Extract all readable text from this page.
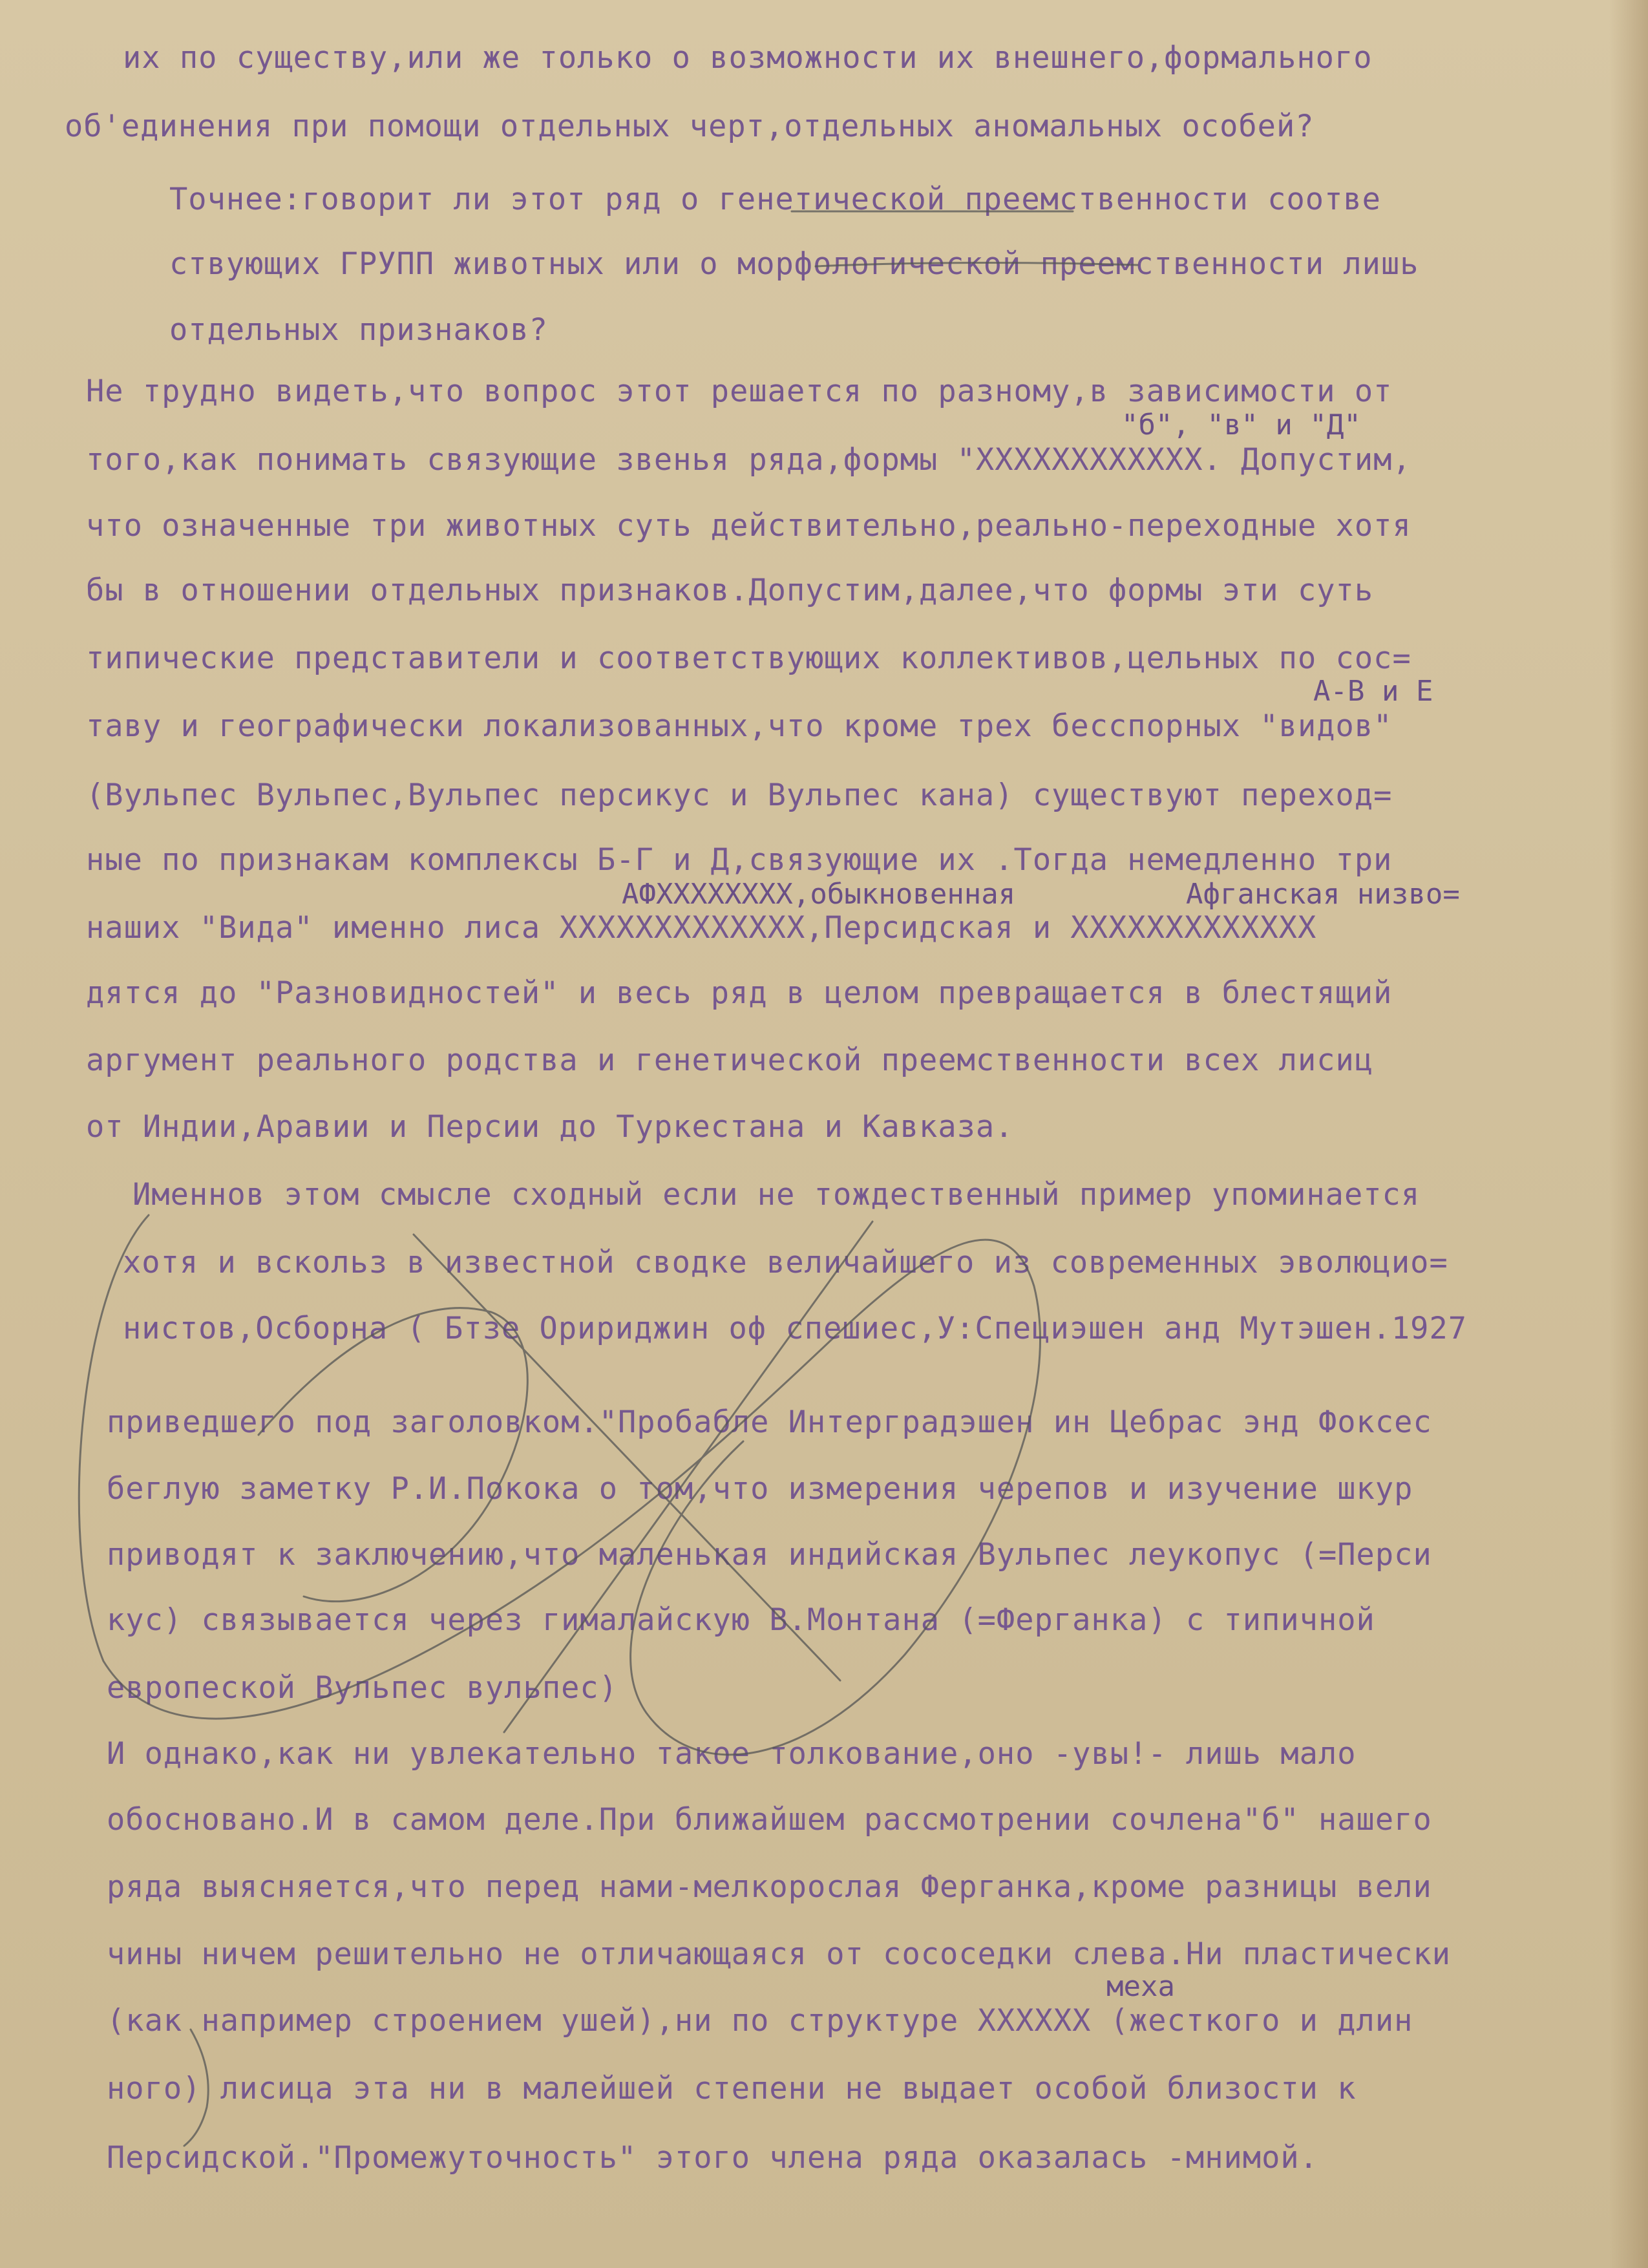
их по существу,или же только о возможности их внешнего,формального
об'единения при помощи отдельных черт,отдельных аномальных особей?
Точнее:говорит ли этот ряд о генетической преемственности соотве
ствующих ГРУПП животных или о морфологической преемственности лишь
отдельных признаков?
Не трудно видеть,что вопрос этот решается по разному,в зависимости от
"б", "в" и "Д"
того,как понимать связующие звенья ряда,формы "ХХХХХХХХХХХХ. Допустим,
что означенные три животных суть действительно,реально-переходные хотя
бы в отношении отдельных признаков.Допустим,далее,что формы эти суть
типические представители и соответствующих коллективов,цельных по сос=
А-В и Е
таву и географически локализованных,что кроме трех бесспорных "видов"
(Вульпес Вульпес,Вульпес персикус и Вульпес кана) существуют переход=
ные по признакам комплексы Б-Г и Д,связующие их .Тогда немедленно три
АФХХХХХХХХ,обыкновенная	Афганская низво=
наших "Вида" именно лиса ХХХХХХХХХХХХХ,Персидская и ХХХХХХХХХХХХХ
дятся до "Разновидностей" и весь ряд в целом превращается в блестящий
аргумент реального родства и генетической преемственности всех лисиц
от Индии,Аравии и Персии до Туркестана и Кавказа.
Именнов этом смысле сходный если не тождественный пример упоминается
хотя и вскольз в известной сводке величайшего из современных эволюцио=
нистов,Осборна ( Бтзе Оририджин оф спешиес,У:Специэшен анд Мутэшен.1927
приведшего под заголовком."Пробабле Интерградэшен ин Цебрас энд Фоксес
беглую заметку Р.И.Покока о том,что измерения черепов и изучение шкур
приводят к заключению,что маленькая индийская Вульпес леукопус (=Перси
кус) связывается через гималайскую В.Монтана (=Ферганка) с типичной
европеской Вульпес вульпес)
И однако,как ни увлекательно такое толкование,оно -увы!- лишь мало
обосновано.И в самом деле.При ближайшем рассмотрении сочлена"б" нашего
ряда выясняется,что перед нами-мелкорослая Ферганка,кроме разницы вели
чины ничем решительно не отличающаяся от сососедки слева.Ни пластически
меха
(как например строением ушей),ни по структуре ХХХХХХ (жесткого и длин
ного) лисица эта ни в малейшей степени не выдает особой близости к
Персидской."Промежуточность" этого члена ряда оказалась -мнимой.
